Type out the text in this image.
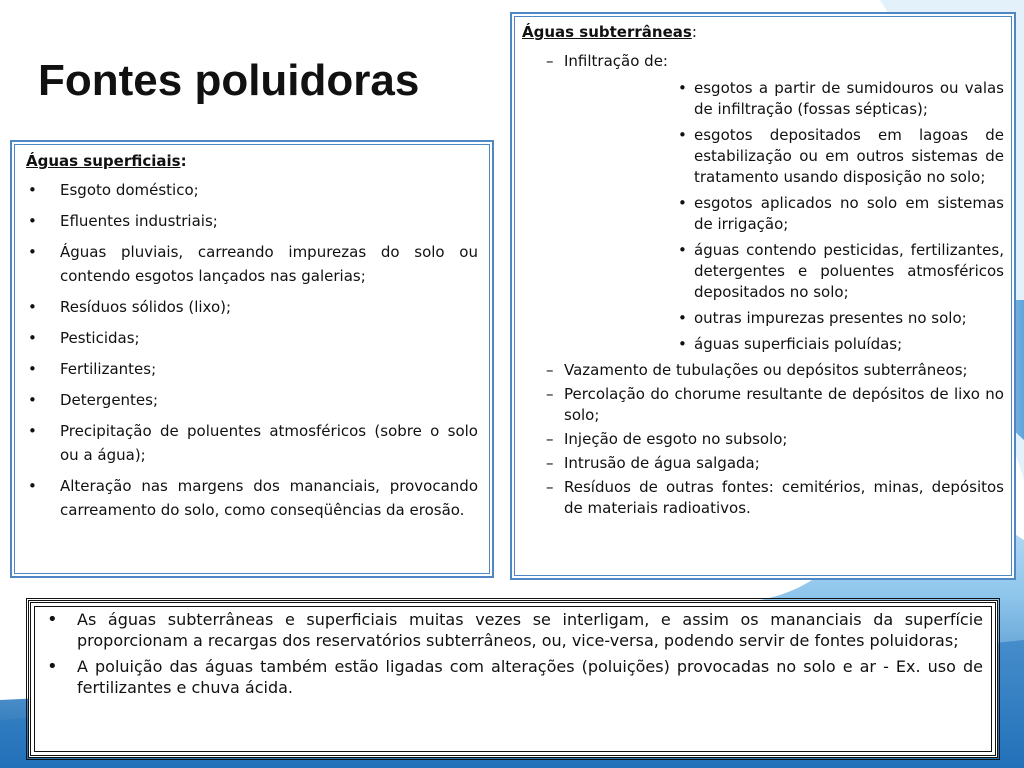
Fontes poluidoras

Águas superficiais:

• Esgoto doméstico;
• Efluentes industriais;
• Águas pluviais, carreando impurezas do solo ou contendo esgotos lançados nas galerias;
• Resíduos sólidos (lixo);
• Pesticidas;
• Fertilizantes;
• Detergentes;
• Precipitação de poluentes atmosféricos (sobre o solo ou a água);
• Alteração nas margens dos mananciais, provocando carreamento do solo, como conseqüências da erosão.

Águas subterrâneas:

– Infiltração de:
• esgotos a partir de sumidouros ou valas de infiltração (fossas sépticas);
• esgotos depositados em lagoas de estabilização ou em outros sistemas de tratamento usando disposição no solo;
• esgotos aplicados no solo em sistemas de irrigação;
• águas contendo pesticidas, fertilizantes, detergentes e poluentes atmosféricos depositados no solo;
• outras impurezas presentes no solo;
• águas superficiais poluídas;
– Vazamento de tubulações ou depósitos subterrâneos;
– Percolação do chorume resultante de depósitos de lixo no solo;
– Injeção de esgoto no subsolo;
– Intrusão de água salgada;
– Resíduos de outras fontes: cemitérios, minas, depósitos de materiais radioativos.
• As águas subterrâneas e superficiais muitas vezes se interligam, e assim os mananciais da superfície proporcionam a recargas dos reservatórios subterrâneos, ou, vice-versa, podendo servir de fontes poluidoras;
• A poluição das águas também estão ligadas com alterações (poluições) provocadas no solo e ar - Ex. uso de fertilizantes e chuva ácida.
